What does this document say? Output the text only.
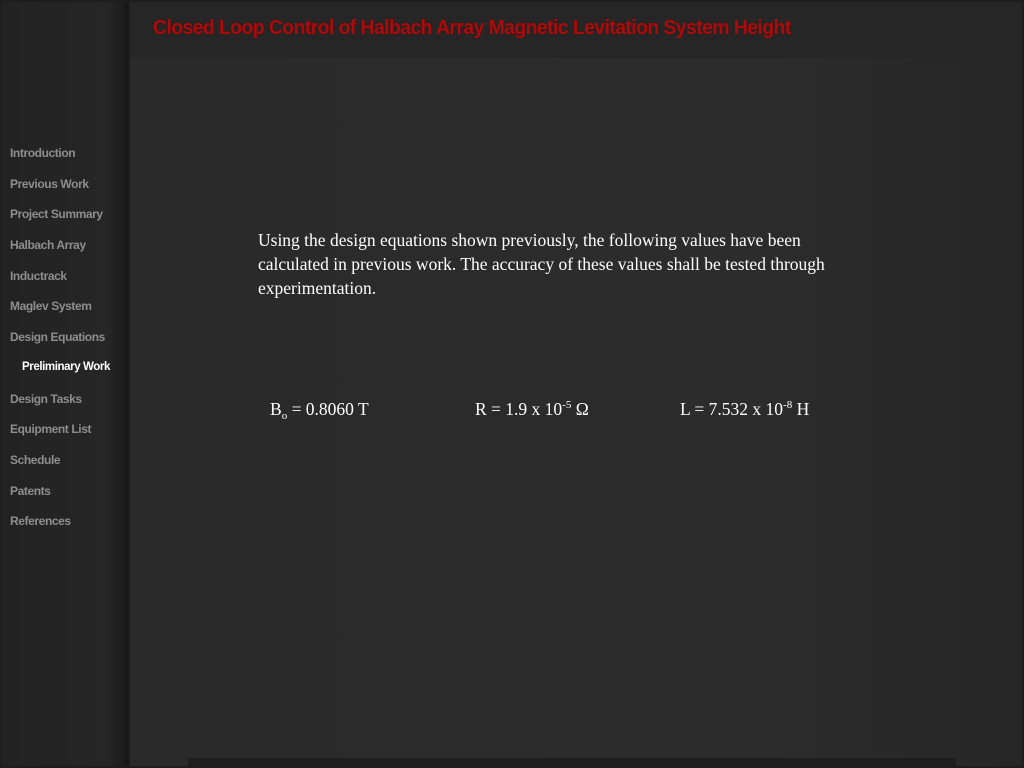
Closed Loop Control of Halbach Array Magnetic Levitation System Height
Introduction
Previous Work
Project Summary
Halbach Array
Inductrack
Maglev System
Design Equations
Preliminary Work
Design Tasks
Equipment List
Schedule
Patents
References

Using the design equations shown previously, the following values have been calculated in previous work. The accuracy of these values shall be tested through experimentation.

$B_o = 0.8060$ T	R = 1.9 x $10^{-5}$ Ω	L = 7.532 x $10^{-8}$ H
